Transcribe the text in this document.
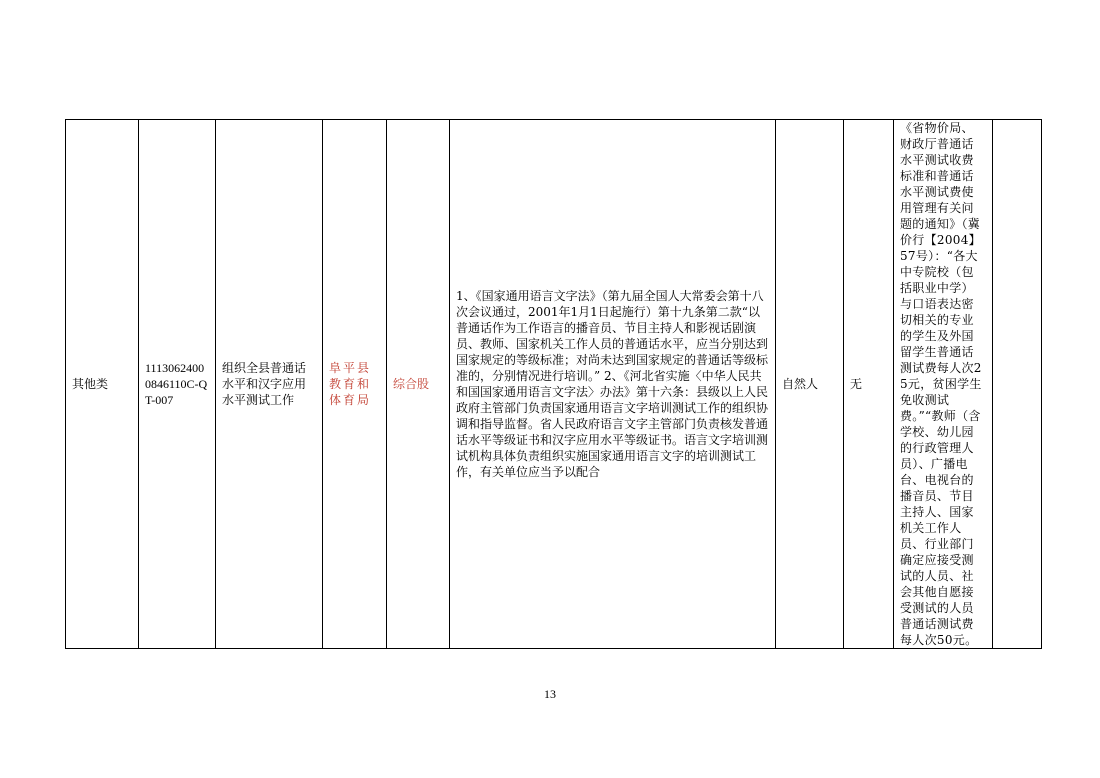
其他类	11130624000846110C-QT-007	组织全县普通话水平和汉字应用水平测试工作	阜平县教育和体育局	综合股	1、《国家通用语言文字法》（第九届全国人大常委会第十八次会议通过，2001年1月1日起施行）第十九条第二款“以普通话作为工作语言的播音员、节目主持人和影视话剧演员、教师、国家机关工作人员的普通话水平，应当分别达到国家规定的等级标准；对尚未达到国家规定的普通话等级标准的，分别情况进行培训。” 2、《河北省实施〈中华人民共和国国家通用语言文字法〉办法》第十六条：县级以上人民政府主管部门负责国家通用语言文字培训测试工作的组织协调和指导监督。省人民政府语言文字主管部门负责核发普通话水平等级证书和汉字应用水平等级证书。语言文字培训测试机构具体负责组织实施国家通用语言文字的培训测试工作，有关单位应当予以配合	自然人	无	《省物价局、财政厅普通话水平测试收费标准和普通话水平测试费使用管理有关问题的通知》（冀价行【2004】57号）：“各大中专院校（包括职业中学）与口语表达密切相关的专业的学生及外国留学生普通话测试费每人次25元，贫困学生免收测试费。”“教师（含学校、幼儿园的行政管理人员）、广播电台、电视台的播音员、节目主持人、国家机关工作人员、行业部门确定应接受测试的人员、社会其他自愿接受测试的人员普通话测试费每人次50元。	
13
